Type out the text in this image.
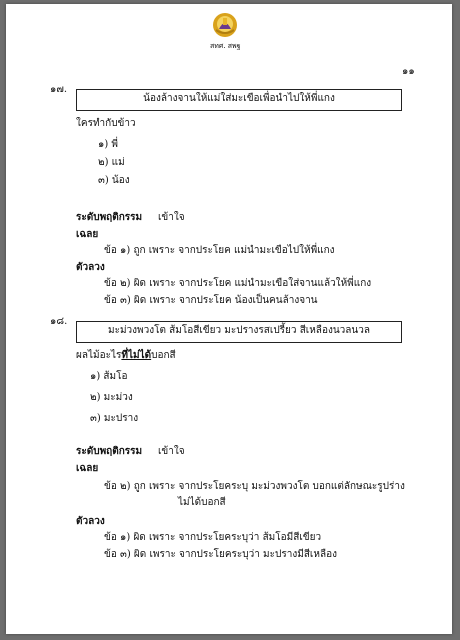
สทศ. สพฐ
๑๑
๑๗.
น้องล้างจานให้แม่ใส่มะเขือเพื่อนำไปให้พี่แกง
ใครทำกับข้าว
๑) พี่
๒) แม่
๓) น้อง
ระดับพฤติกรรม เข้าใจ
เฉลย
ข้อ ๑) ถูก เพราะ จากประโยค แม่นำมะเขือไปให้พี่แกง
ตัวลวง
ข้อ ๒) ผิด เพราะ จากประโยค แม่นำมะเขือใส่จานแล้วให้พี่แกง
ข้อ ๓) ผิด เพราะ จากประโยค น้องเป็นคนล้างจาน
๑๘.
มะม่วงพวงโต ส้มโอสีเขียว มะปรางรสเปรี้ยว สีเหลืองนวลนวล
ผลไม้อะไรที่ไม่ได้บอกสี
๑) ส้มโอ
๒) มะม่วง
๓) มะปราง
ระดับพฤติกรรม เข้าใจ
เฉลย
ข้อ ๒) ถูก เพราะ จากประโยคระบุ มะม่วงพวงโต บอกแต่ลักษณะรูปร่าง
ไม่ได้บอกสี
ตัวลวง
ข้อ ๑) ผิด เพราะ จากประโยคระบุว่า ส้มโอมีสีเขียว
ข้อ ๓) ผิด เพราะ จากประโยคระบุว่า มะปรางมีสีเหลือง
